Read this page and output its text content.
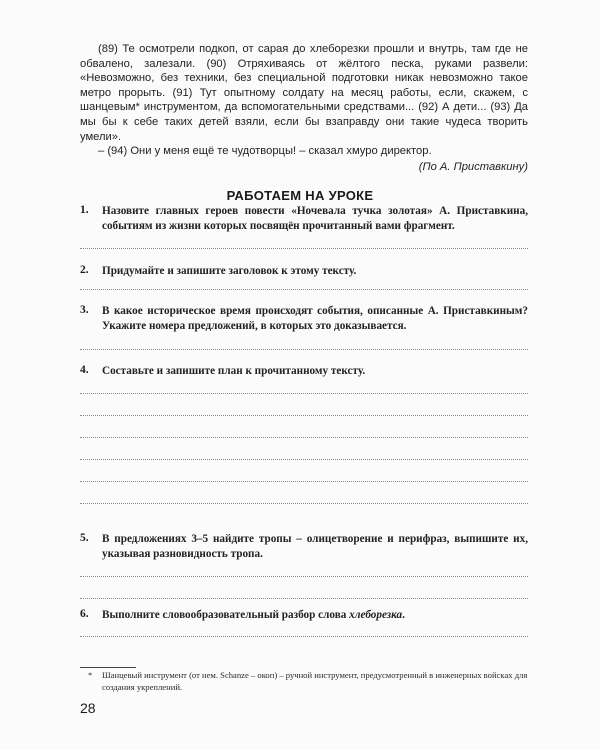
(89) Те осмотрели подкоп, от сарая до хлеборезки прошли и внутрь, там где не обвалено, залезали. (90) Отряхиваясь от жёлтого песка, руками развели: «Невозможно, без техники, без специальной подготовки никак невозможно такое метро прорыть. (91) Тут опытному солдату на месяц работы, если, скажем, с шанцевым* инструментом, да вспомогательными средствами... (92) А дети... (93) Да мы бы к себе таких детей взяли, если бы взаправду они такие чудеса творить умели».

– (94) Они у меня ещё те чудотворцы! – сказал хмуро директор.

(По А. Приставкину)

РАБОТАЕМ НА УРОКЕ
1. Назовите главных героев повести «Ночевала тучка золотая» А. Приставкина, событиям из жизни которых посвящён прочитанный вами фрагмент.
2. Придумайте и запишите заголовок к этому тексту.
3. В какое историческое время происходят события, описанные А. Приставкиным? Укажите номера предложений, в которых это доказывается.
4. Составьте и запишите план к прочитанному тексту.
5. В предложениях 3–5 найдите тропы – олицетворение и перифраз, выпишите их, указывая разновидность тропа.
6. Выполните словообразовательный разбор слова хлеборезка.
* Шанцевый инструмент (от нем. Schanze – окоп) – ручной инструмент, предусмотренный в инженерных войсках для создания укреплений.
28
